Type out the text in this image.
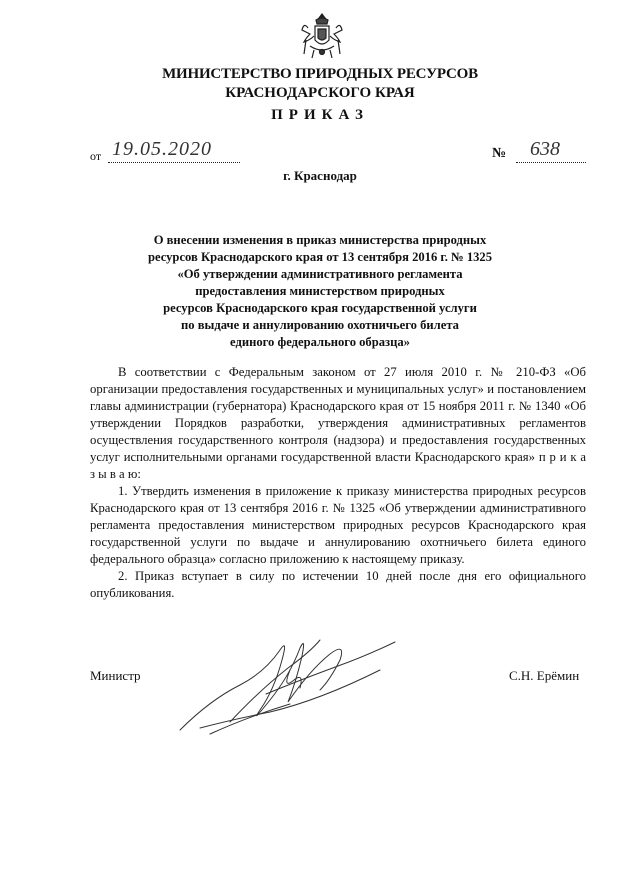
МИНИСТЕРСТВО ПРИРОДНЫХ РЕСУРСОВ
КРАСНОДАРСКОГО КРАЯ
ПРИКАЗ
от 19.05.2020	№ 638
г. Краснодар
О внесении изменения в приказ министерства природных
ресурсов Краснодарского края от 13 сентября 2016 г. № 1325
«Об утверждении административного регламента
предоставления министерством природных
ресурсов Краснодарского края государственной услуги
по выдаче и аннулированию охотничьего билета
единого федерального образца»

В соответствии с Федеральным законом от 27 июля 2010 г. № 210-ФЗ «Об организации предоставления государственных и муниципальных услуг» и постановлением главы администрации (губернатора) Краснодарского края от 15 ноября 2011 г. № 1340 «Об утверждении Порядков разработки, утверждения административных регламентов осуществления государственного контроля (надзора) и предоставления государственных услуг исполнительными органами государственной власти Краснодарского края» п р и к а з ы в а ю:

1. Утвердить изменения в приложение к приказу министерства природных ресурсов Краснодарского края от 13 сентября 2016 г. № 1325 «Об утверждении административного регламента предоставления министерством природных ресурсов Краснодарского края государственной услуги по выдаче и аннулированию охотничьего билета единого федерального образца» согласно приложению к настоящему приказу.

2. Приказ вступает в силу по истечении 10 дней после дня его официального опубликования.

Министр	С.Н. Ерёмин
